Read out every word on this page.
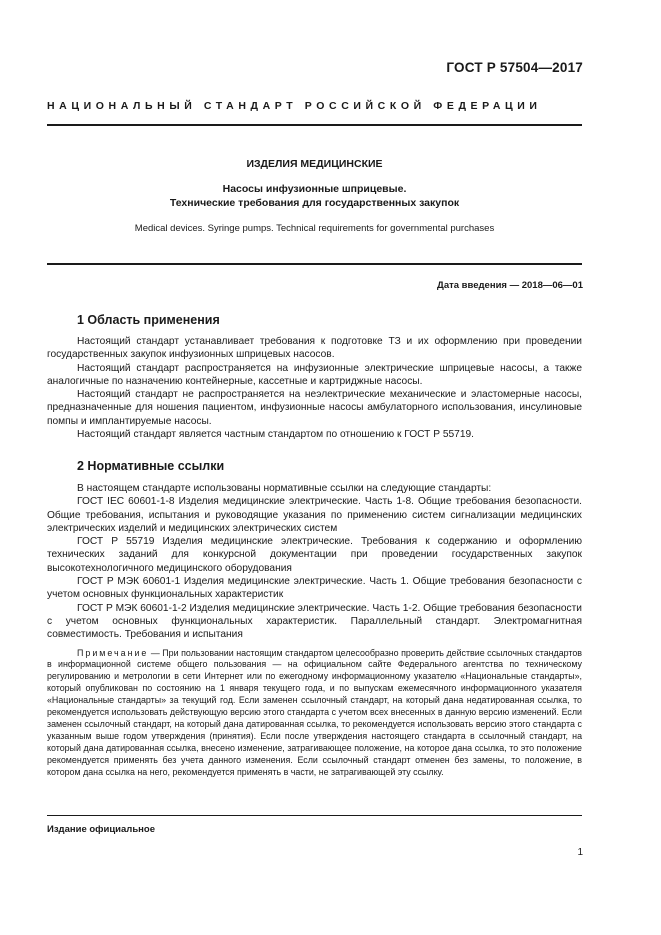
ГОСТ Р 57504—2017
НАЦИОНАЛЬНЫЙ СТАНДАРТ РОССИЙСКОЙ ФЕДЕРАЦИИ
ИЗДЕЛИЯ МЕДИЦИНСКИЕ
Насосы инфузионные шприцевые.
Технические требования для государственных закупок
Medical devices. Syringe pumps. Technical requirements for governmental purchases
Дата введения — 2018—06—01
1 Область применения

Настоящий стандарт устанавливает требования к подготовке ТЗ и их оформлению при проведении государственных закупок инфузионных шприцевых насосов.

Настоящий стандарт распространяется на инфузионные электрические шприцевые насосы, а также аналогичные по назначению контейнерные, кассетные и картриджные насосы.

Настоящий стандарт не распространяется на неэлектрические механические и эластомерные насосы, предназначенные для ношения пациентом, инфузионные насосы амбулаторного использования, инсулиновые помпы и имплантируемые насосы.

Настоящий стандарт является частным стандартом по отношению к ГОСТ Р 55719.

2 Нормативные ссылки

В настоящем стандарте использованы нормативные ссылки на следующие стандарты:

ГОСТ IEC 60601-1-8 Изделия медицинские электрические. Часть 1-8. Общие требования безопасности. Общие требования, испытания и руководящие указания по применению систем сигнализации медицинских электрических изделий и медицинских электрических систем

ГОСТ Р 55719 Изделия медицинские электрические. Требования к содержанию и оформлению технических заданий для конкурсной документации при проведении государственных закупок высокотехнологичного медицинского оборудования

ГОСТ Р МЭК 60601-1 Изделия медицинские электрические. Часть 1. Общие требования безопасности с учетом основных функциональных характеристик

ГОСТ Р МЭК 60601-1-2 Изделия медицинские электрические. Часть 1-2. Общие требования безопасности с учетом основных функциональных характеристик. Параллельный стандарт. Электромагнитная совместимость. Требования и испытания

Примечание — При пользовании настоящим стандартом целесообразно проверить действие ссылочных стандартов в информационной системе общего пользования — на официальном сайте Федерального агентства по техническому регулированию и метрологии в сети Интернет или по ежегодному информационному указателю «Национальные стандарты», который опубликован по состоянию на 1 января текущего года, и по выпускам ежемесячного информационного указателя «Национальные стандарты» за текущий год. Если заменен ссылочный стандарт, на который дана недатированная ссылка, то рекомендуется использовать действующую версию этого стандарта с учетом всех внесенных в данную версию изменений. Если заменен ссылочный стандарт, на который дана датированная ссылка, то рекомендуется использовать версию этого стандарта с указанным выше годом утверждения (принятия). Если после утверждения настоящего стандарта в ссылочный стандарт, на который дана датированная ссылка, внесено изменение, затрагивающее положение, на которое дана ссылка, то это положение рекомендуется применять без учета данного изменения. Если ссылочный стандарт отменен без замены, то положение, в котором дана ссылка на него, рекомендуется применять в части, не затрагивающей эту ссылку.

Издание официальное
1
